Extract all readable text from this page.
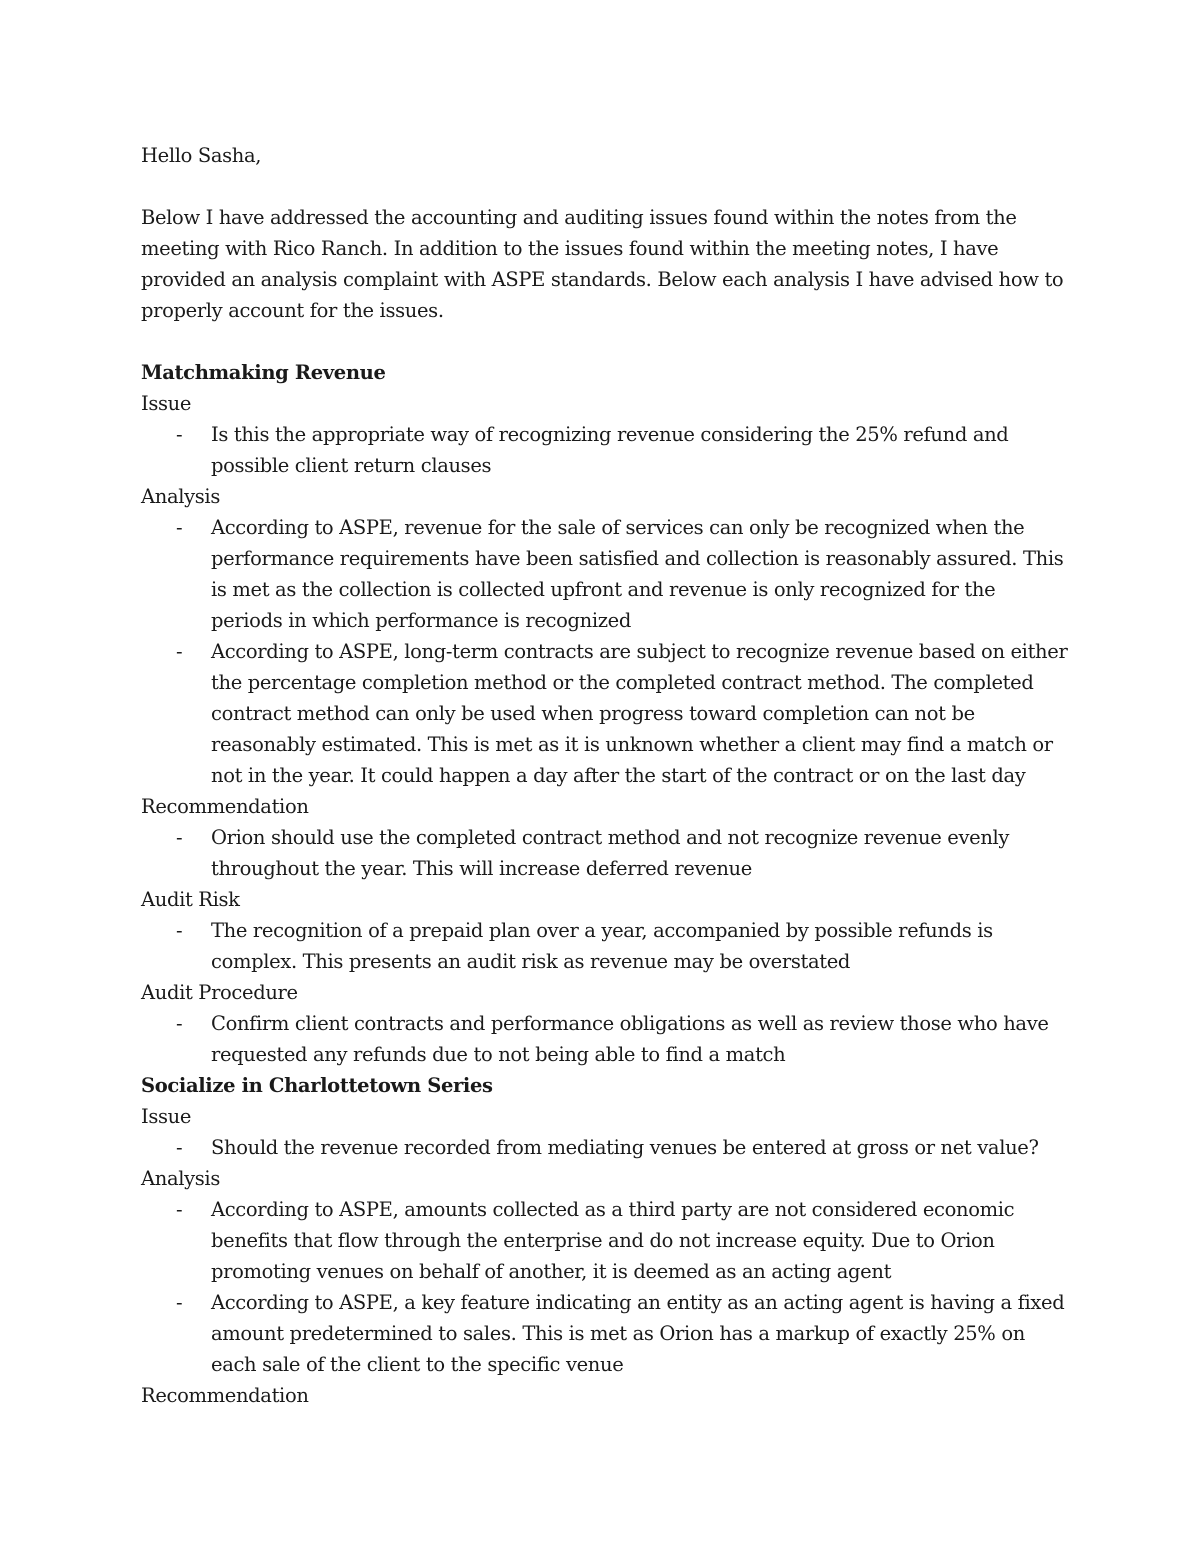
Hello Sasha,

Below I have addressed the accounting and auditing issues found within the notes from the meeting with Rico Ranch. In addition to the issues found within the meeting notes, I have provided an analysis complaint with ASPE standards. Below each analysis I have advised how to properly account for the issues.

Matchmaking Revenue

Issue

- Is this the appropriate way of recognizing revenue considering the 25% refund and possible client return clauses

Analysis

- According to ASPE, revenue for the sale of services can only be recognized when the performance requirements have been satisfied and collection is reasonably assured. This is met as the collection is collected upfront and revenue is only recognized for the periods in which performance is recognized
- According to ASPE, long-term contracts are subject to recognize revenue based on either the percentage completion method or the completed contract method. The completed contract method can only be used when progress toward completion can not be reasonably estimated. This is met as it is unknown whether a client may find a match or not in the year. It could happen a day after the start of the contract or on the last day

Recommendation

- Orion should use the completed contract method and not recognize revenue evenly throughout the year. This will increase deferred revenue

Audit Risk

- The recognition of a prepaid plan over a year, accompanied by possible refunds is complex. This presents an audit risk as revenue may be overstated

Audit Procedure

- Confirm client contracts and performance obligations as well as review those who have requested any refunds due to not being able to find a match

Socialize in Charlottetown Series

Issue

- Should the revenue recorded from mediating venues be entered at gross or net value?

Analysis

- According to ASPE, amounts collected as a third party are not considered economic benefits that flow through the enterprise and do not increase equity. Due to Orion promoting venues on behalf of another, it is deemed as an acting agent
- According to ASPE, a key feature indicating an entity as an acting agent is having a fixed amount predetermined to sales. This is met as Orion has a markup of exactly 25% on each sale of the client to the specific venue

Recommendation
